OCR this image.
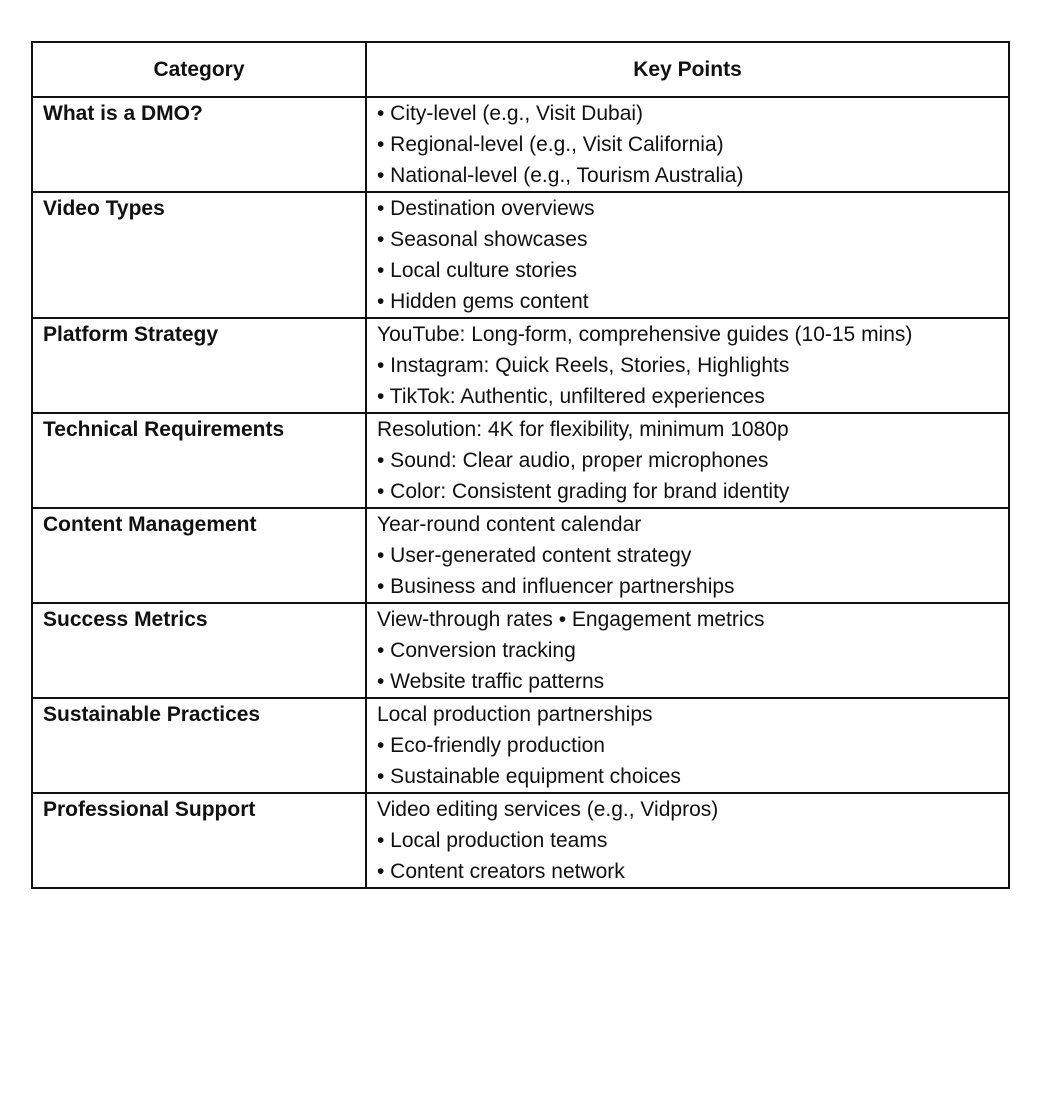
Category	Key Points
What is a DMO?	• City-level (e.g., Visit Dubai)
• Regional-level (e.g., Visit California)
• National-level (e.g., Tourism Australia)

Video Types	• Destination overviews
• Seasonal showcases
• Local culture stories
• Hidden gems content

Platform Strategy	YouTube: Long-form, comprehensive guides (10-15 mins)
• Instagram: Quick Reels, Stories, Highlights
• TikTok: Authentic, unfiltered experiences

Technical Requirements	Resolution: 4K for flexibility, minimum 1080p
• Sound: Clear audio, proper microphones
• Color: Consistent grading for brand identity

Content Management	Year-round content calendar
• User-generated content strategy
• Business and influencer partnerships

Success Metrics	View-through rates • Engagement metrics
• Conversion tracking
• Website traffic patterns

Sustainable Practices	Local production partnerships
• Eco-friendly production
• Sustainable equipment choices

Professional Support	Video editing services (e.g., Vidpros)
• Local production teams
• Content creators network
